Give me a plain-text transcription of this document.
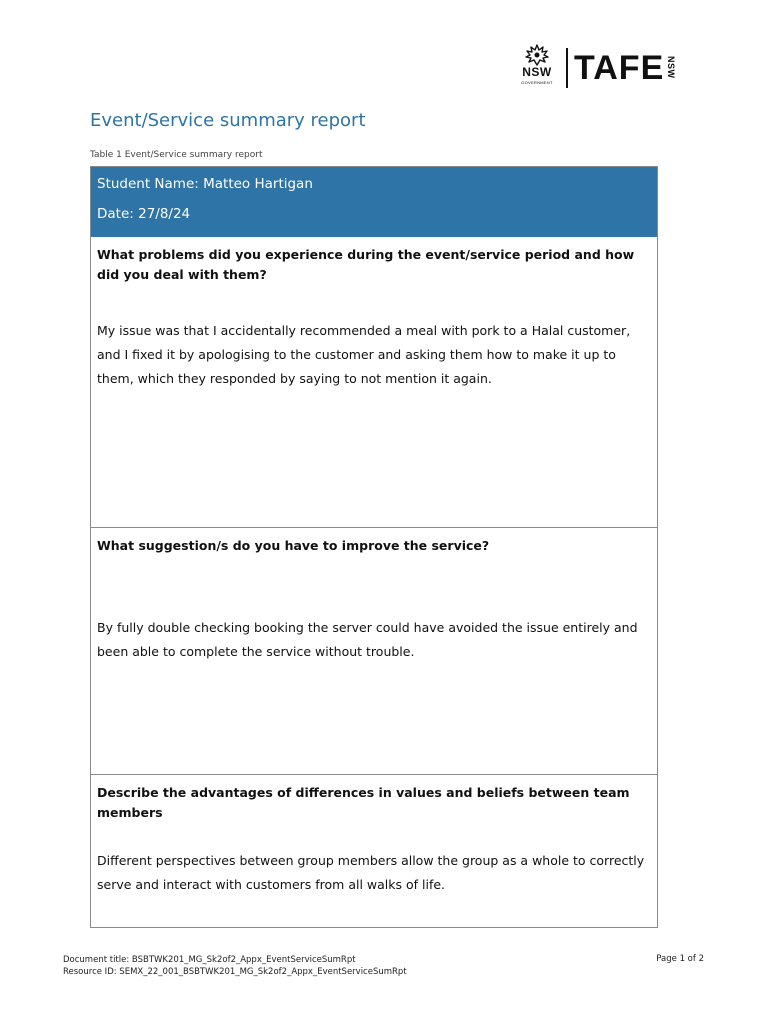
NSW
GOVERNMENT TAFE NSW
Event/Service summary report
Table 1 Event/Service summary report
Student Name: Matteo Hartigan
Date: 27/8/24
What problems did you experience during the event/service period and how did you deal with them?

My issue was that I accidentally recommended a meal with pork to a Halal customer, and I fixed it by apologising to the customer and asking them how to make it up to them, which they responded by saying to not mention it again.

What suggestion/s do you have to improve the service?

By fully double checking booking the server could have avoided the issue entirely and been able to complete the service without trouble.

Describe the advantages of differences in values and beliefs between team members

Different perspectives between group members allow the group as a whole to correctly serve and interact with customers from all walks of life.

Document title: BSBTWK201_MG_Sk2of2_Appx_EventServiceSumRpt
Resource ID: SEMX_22_001_BSBTWK201_MG_Sk2of2_Appx_EventServiceSumRpt
Page 1 of 2
